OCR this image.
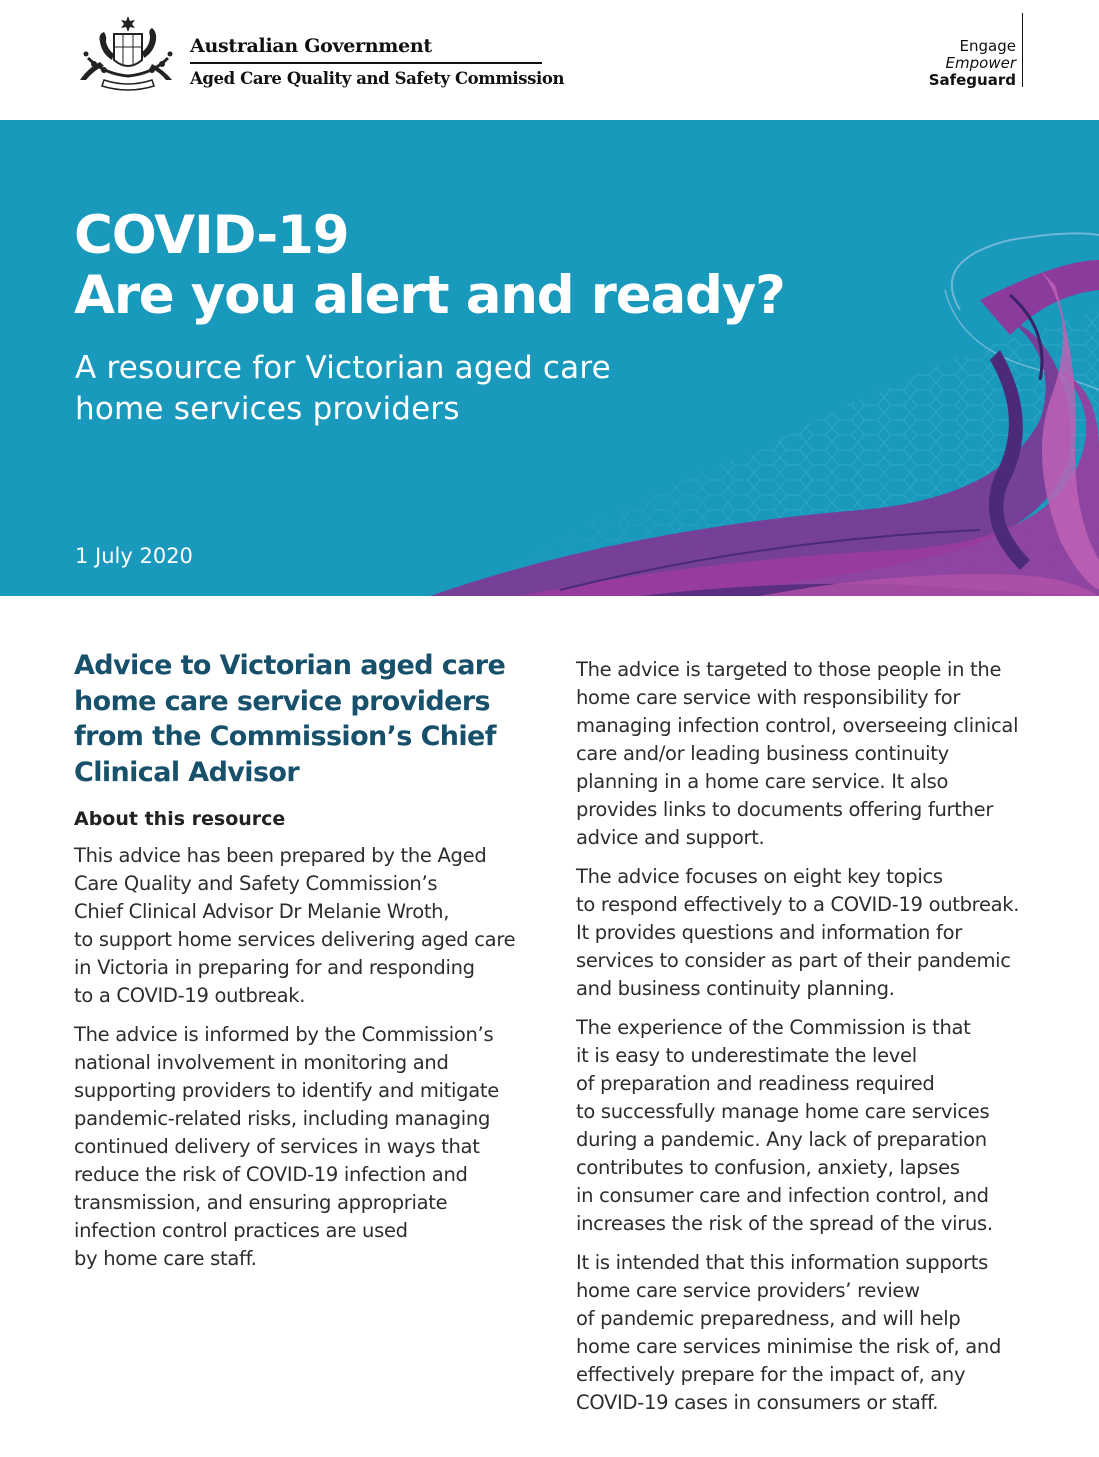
Australian Government
Aged Care Quality and Safety Commission
Engage
Empower
Safeguard
COVID-19
Are you alert and ready?
A resource for Victorian aged care
home services providers
1 July 2020
Advice to Victorian aged care
home care service providers
from the Commission’s Chief
Clinical Advisor
About this resource

This advice has been prepared by the Aged
Care Quality and Safety Commission’s
Chief Clinical Advisor Dr Melanie Wroth,
to support home services delivering aged care
in Victoria in preparing for and responding
to a COVID-19 outbreak.

The advice is informed by the Commission’s
national involvement in monitoring and
supporting providers to identify and mitigate
pandemic-related risks, including managing
continued delivery of services in ways that
reduce the risk of COVID-19 infection and
transmission, and ensuring appropriate
infection control practices are used
by home care staff.

The advice is targeted to those people in the
home care service with responsibility for
managing infection control, overseeing clinical
care and/or leading business continuity
planning in a home care service. It also
provides links to documents offering further
advice and support.

The advice focuses on eight key topics
to respond effectively to a COVID-19 outbreak.
It provides questions and information for
services to consider as part of their pandemic
and business continuity planning.

The experience of the Commission is that
it is easy to underestimate the level
of preparation and readiness required
to successfully manage home care services
during a pandemic. Any lack of preparation
contributes to confusion, anxiety, lapses
in consumer care and infection control, and
increases the risk of the spread of the virus.

It is intended that this information supports
home care service providers’ review
of pandemic preparedness, and will help
home care services minimise the risk of, and
effectively prepare for the impact of, any
COVID-19 cases in consumers or staff.
